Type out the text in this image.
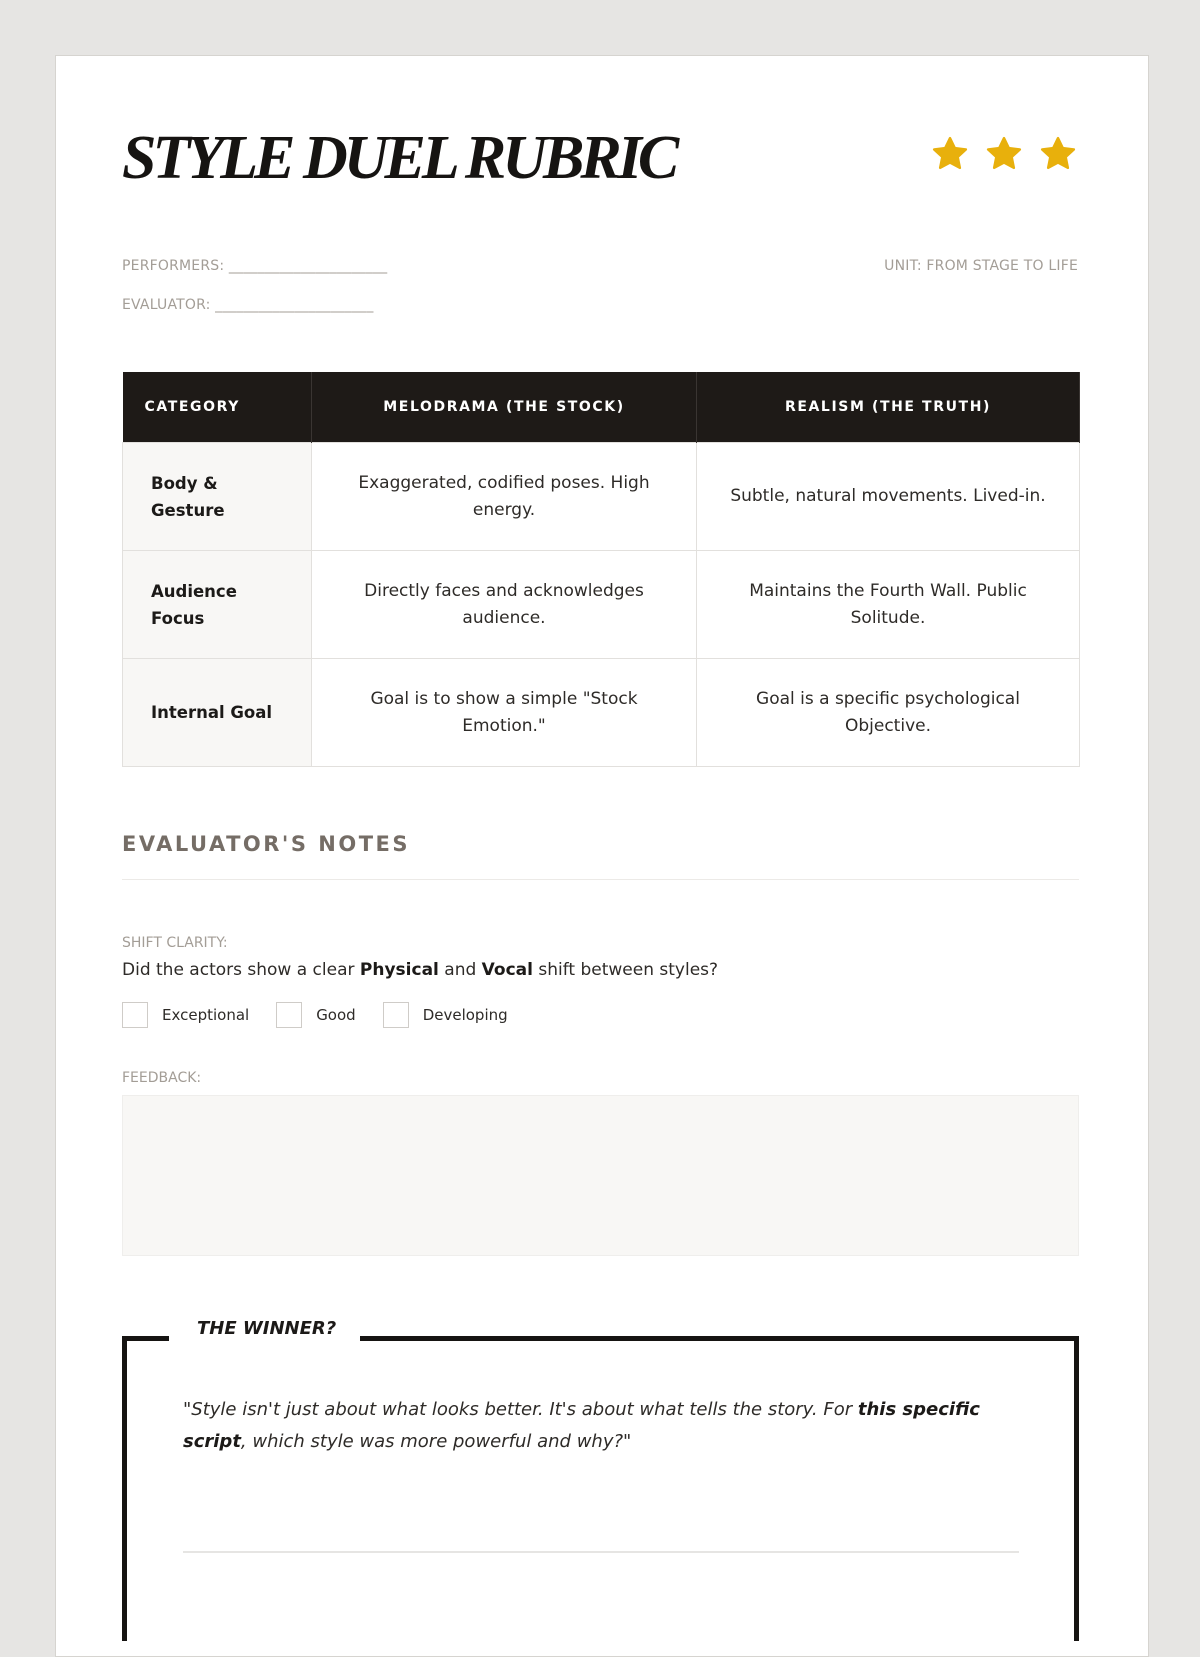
STYLE DUEL RUBRIC
PERFORMERS: ______________________
EVALUATOR: ______________________
UNIT: FROM STAGE TO LIFE
CATEGORY	MELODRAMA (THE STOCK)	REALISM (THE TRUTH)
Body & Gesture	Exaggerated, codified poses. High energy.	Subtle, natural movements. Lived-in.
Audience Focus	Directly faces and acknowledges audience.	Maintains the Fourth Wall. Public Solitude.
Internal Goal	Goal is to show a simple "Stock Emotion."	Goal is a specific psychological Objective.
EVALUATOR'S NOTES
SHIFT CLARITY:
Did the actors show a clear Physical and Vocal shift between styles?
Exceptional	Good	Developing
FEEDBACK:
THE WINNER?
"Style isn't just about what looks better. It's about what tells the story. For this specific script, which style was more powerful and why?"
